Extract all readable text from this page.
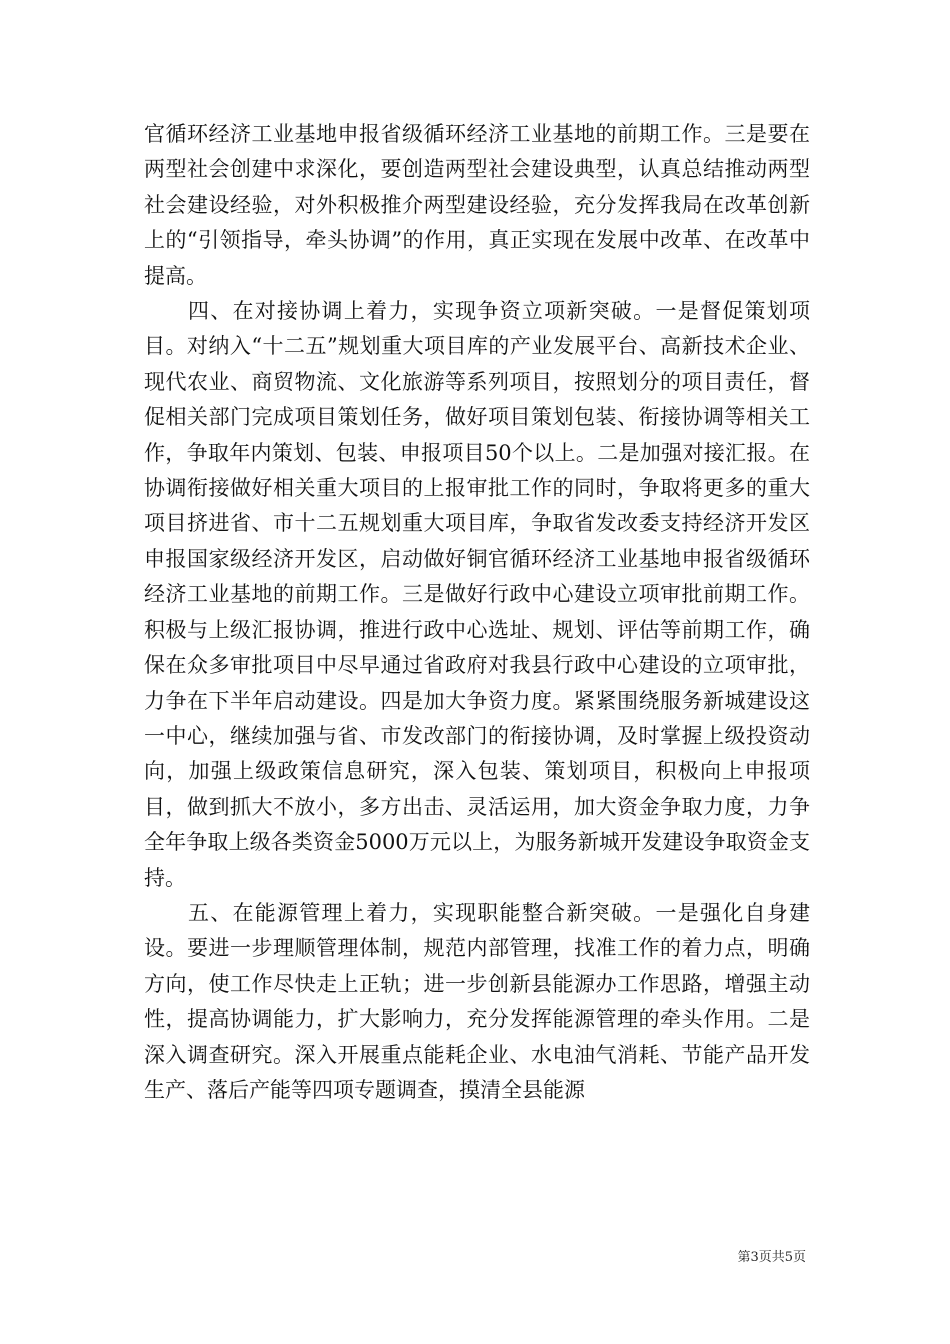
官循环经济工业基地申报省级循环经济工业基地的前期工作。三是要在两型社会创建中求深化，要创造两型社会建设典型，认真总结推动两型社会建设经验，对外积极推介两型建设经验，充分发挥我局在改革创新上的“引领指导，牵头协调”的作用，真正实现在发展中改革、在改革中提高。

四、在对接协调上着力，实现争资立项新突破。一是督促策划项目。对纳入“十二五”规划重大项目库的产业发展平台、高新技术企业、现代农业、商贸物流、文化旅游等系列项目，按照划分的项目责任，督促相关部门完成项目策划任务，做好项目策划包装、衔接协调等相关工作，争取年内策划、包装、申报项目50个以上。二是加强对接汇报。在协调衔接做好相关重大项目的上报审批工作的同时，争取将更多的重大项目挤进省、市十二五规划重大项目库，争取省发改委支持经济开发区申报国家级经济开发区，启动做好铜官循环经济工业基地申报省级循环经济工业基地的前期工作。三是做好行政中心建设立项审批前期工作。积极与上级汇报协调，推进行政中心选址、规划、评估等前期工作，确保在众多审批项目中尽早通过省政府对我县行政中心建设的立项审批，力争在下半年启动建设。四是加大争资力度。紧紧围绕服务新城建设这一中心，继续加强与省、市发改部门的衔接协调，及时掌握上级投资动向，加强上级政策信息研究，深入包装、策划项目，积极向上申报项目，做到抓大不放小，多方出击、灵活运用，加大资金争取力度，力争全年争取上级各类资金5000万元以上，为服务新城开发建设争取资金支持。

五、在能源管理上着力，实现职能整合新突破。一是强化自身建设。要进一步理顺管理体制，规范内部管理，找准工作的着力点，明确方向，使工作尽快走上正轨；进一步创新县能源办工作思路，增强主动性，提高协调能力，扩大影响力，充分发挥能源管理的牵头作用。二是深入调查研究。深入开展重点能耗企业、水电油气消耗、节能产品开发生产、落后产能等四项专题调查，摸清全县能源

第3页共5页
